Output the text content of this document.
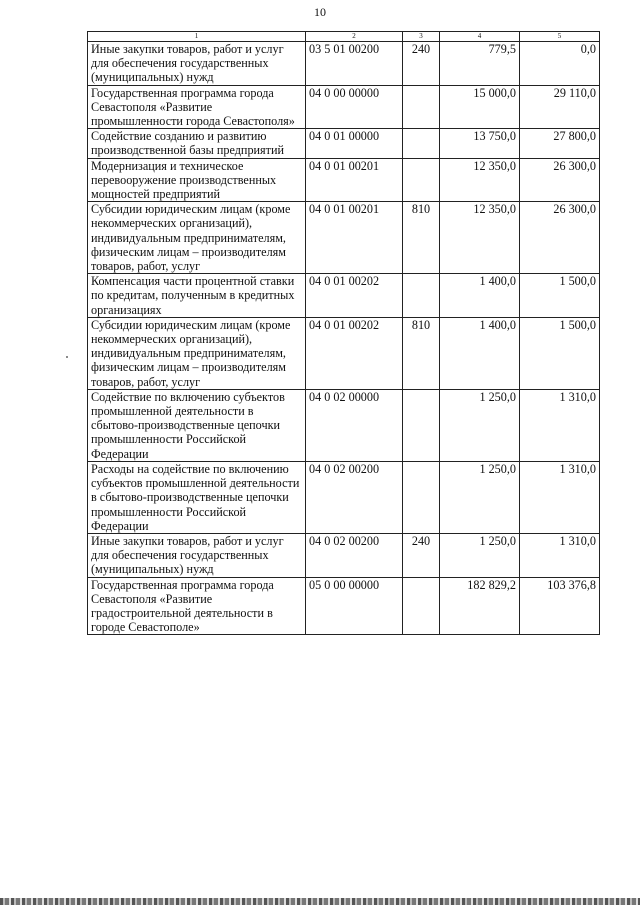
10
1	2	3	4	5
Иные закупки товаров, работ и услуг для обеспечения государственных (муниципальных) нужд	03 5 01 00200	240	779,5	0,0
Государственная программа города Севастополя «Развитие промышленности города Севастополя»	04 0 00 00000		15 000,0	29 110,0
Содействие созданию и развитию производственной базы предприятий	04 0 01 00000		13 750,0	27 800,0
Модернизация и техническое перевооружение производственных мощностей предприятий	04 0 01 00201		12 350,0	26 300,0
Субсидии юридическим лицам (кроме некоммерческих организаций), индивидуальным предпринимателям, физическим лицам – производителям товаров, работ, услуг	04 0 01 00201	810	12 350,0	26 300,0
Компенсация части процентной ставки по кредитам, полученным в кредитных организациях	04 0 01 00202		1 400,0	1 500,0
Субсидии юридическим лицам (кроме некоммерческих организаций), индивидуальным предпринимателям, физическим лицам – производителям товаров, работ, услуг	04 0 01 00202	810	1 400,0	1 500,0
Содействие по включению субъектов промышленной деятельности в сбытово-производственные цепочки промышленности Российской Федерации	04 0 02 00000		1 250,0	1 310,0
Расходы на содействие по включению субъектов промышленной деятельности в сбытово-производственные цепочки промышленности Российской Федерации	04 0 02 00200		1 250,0	1 310,0
Иные закупки товаров, работ и услуг для обеспечения государственных (муниципальных) нужд	04 0 02 00200	240	1 250,0	1 310,0
Государственная программа города Севастополя «Развитие градостроительной деятельности в городе Севастополе»	05 0 00 00000		182 829,2	103 376,8
